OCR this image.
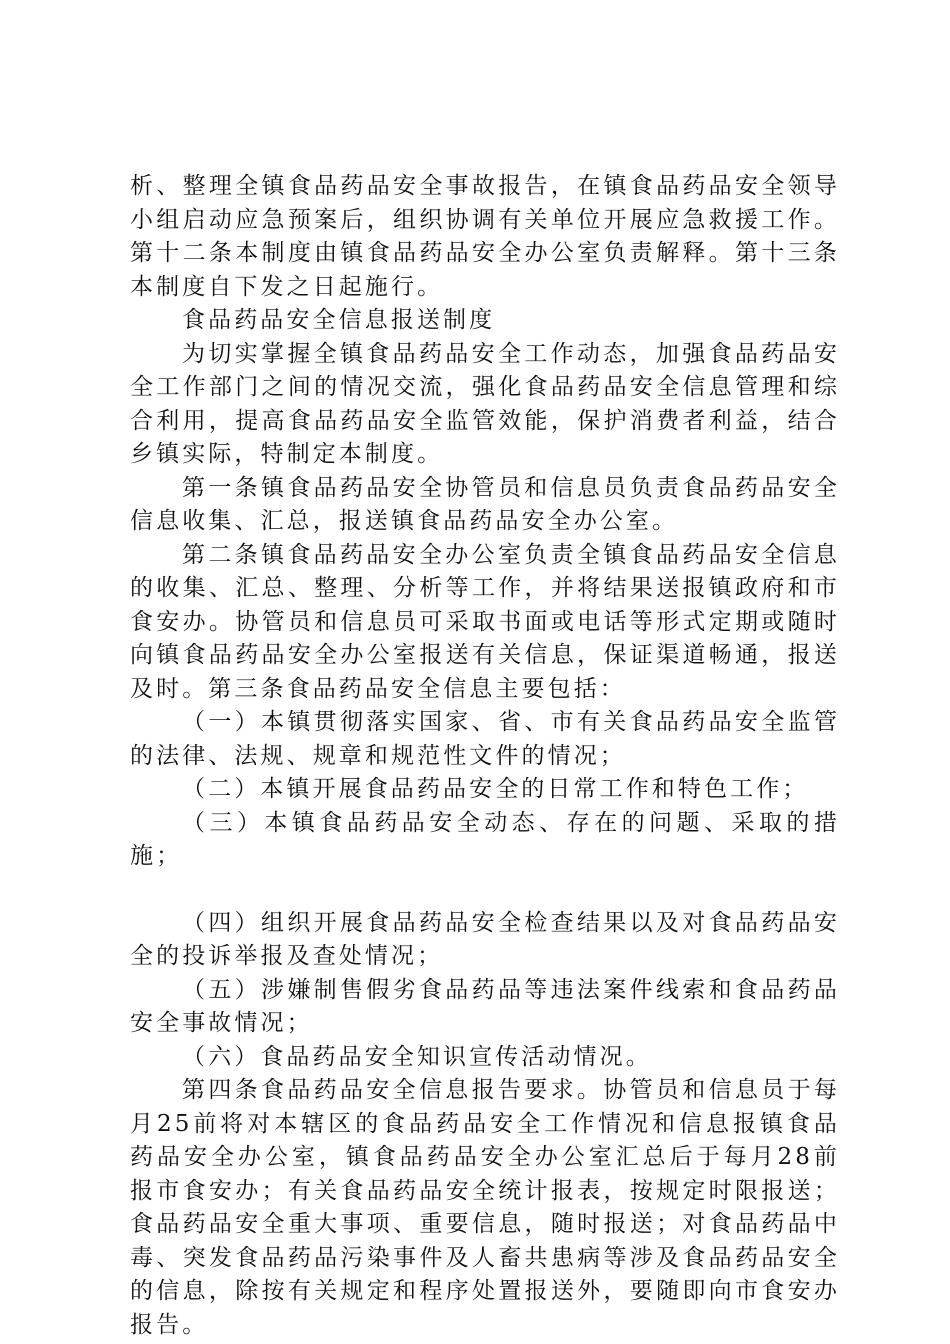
析、整理全镇食品药品安全事故报告，在镇食品药品安全领导小组启动应急预案后，组织协调有关单位开展应急救援工作。第十二条本制度由镇食品药品安全办公室负责解释。第十三条本制度自下发之日起施行。

食品药品安全信息报送制度

为切实掌握全镇食品药品安全工作动态，加强食品药品安全工作部门之间的情况交流，强化食品药品安全信息管理和综合利用，提高食品药品安全监管效能，保护消费者利益，结合乡镇实际，特制定本制度。

第一条镇食品药品安全协管员和信息员负责食品药品安全信息收集、汇总，报送镇食品药品安全办公室。

第二条镇食品药品安全办公室负责全镇食品药品安全信息的收集、汇总、整理、分析等工作，并将结果送报镇政府和市食安办。协管员和信息员可采取书面或电话等形式定期或随时向镇食品药品安全办公室报送有关信息，保证渠道畅通，报送及时。第三条食品药品安全信息主要包括：

（一）本镇贯彻落实国家、省、市有关食品药品安全监管的法律、法规、规章和规范性文件的情况；

（二）本镇开展食品药品安全的日常工作和特色工作；

（三）本镇食品药品安全动态、存在的问题、采取的措施；

（四）组织开展食品药品安全检查结果以及对食品药品安全的投诉举报及查处情况；

（五）涉嫌制售假劣食品药品等违法案件线索和食品药品安全事故情况；

（六）食品药品安全知识宣传活动情况。

第四条食品药品安全信息报告要求。协管员和信息员于每月25前将对本辖区的食品药品安全工作情况和信息报镇食品药品安全办公室，镇食品药品安全办公室汇总后于每月28前报市食安办；有关食品药品安全统计报表，按规定时限报送；食品药品安全重大事项、重要信息，随时报送；对食品药品中毒、突发食品药品污染事件及人畜共患病等涉及食品药品安全的信息，除按有关规定和程序处置报送外，要随即向市食安办报告。
